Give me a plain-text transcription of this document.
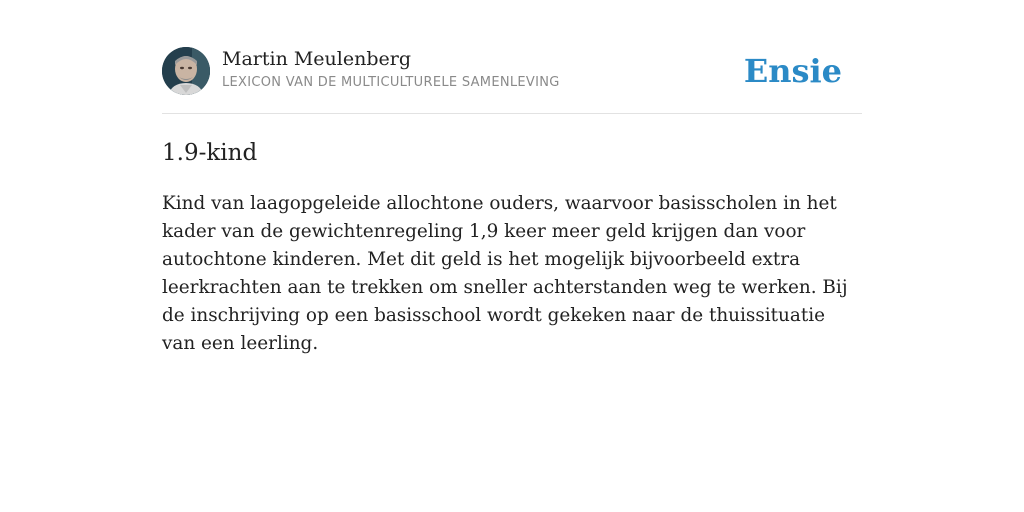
Martin Meulenberg
LEXICON VAN DE MULTICULTURELE SAMENLEVING	Ensie
1.9-kind

Kind van laagopgeleide allochtone ouders, waarvoor basisscholen in het kader van de gewichtenregeling 1,9 keer meer geld krijgen dan voor autochtone kinderen. Met dit geld is het mogelijk bijvoorbeeld extra leerkrachten aan te trekken om sneller achterstanden weg te werken. Bij de inschrijving op een basisschool wordt gekeken naar de thuissituatie van een leerling.
